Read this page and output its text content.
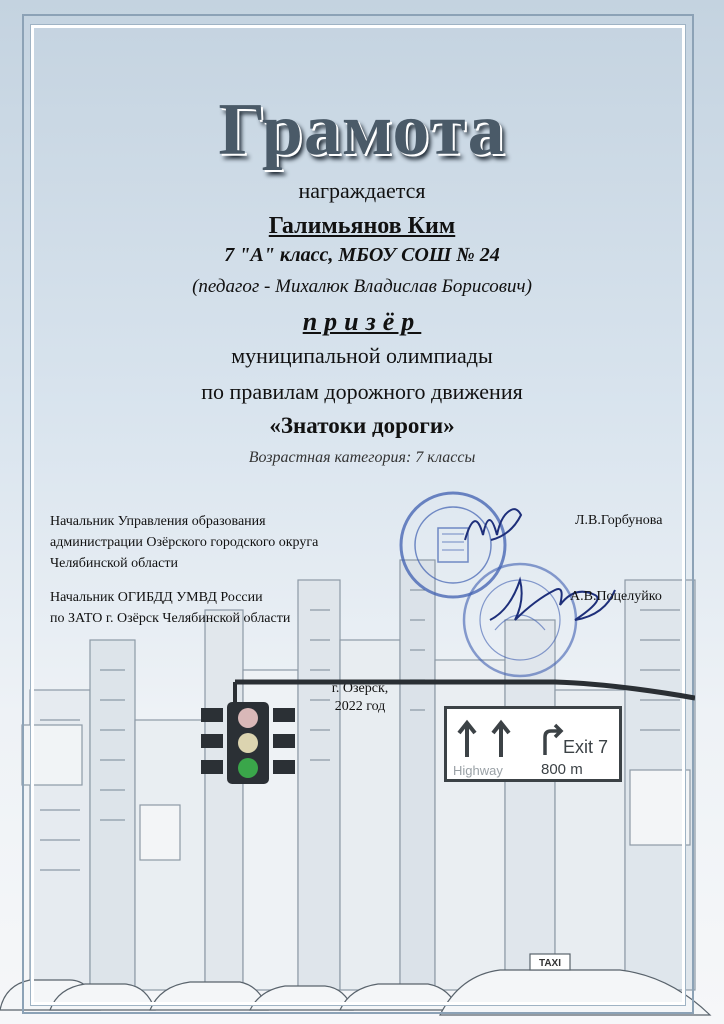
TAXI
Грамота
награждается
Галимьянов Ким
7 "А" класс, МБОУ СОШ № 24
(педагог - Михалюк Владислав Борисович)
призёр
муниципальной олимпиады
по правилам дорожного движения
«Знатоки дороги»
Возрастная категория: 7 классы
Начальник Управления образования
администрации Озёрского городского округа
Челябинской области
Л.В.Горбунова
Начальник ОГИБДД УМВД России
по ЗАТО г. Озёрск Челябинской области
А.В.Поцелуйко
г. Озёрск,
2022 год
Exit 7
Highway	800 m
